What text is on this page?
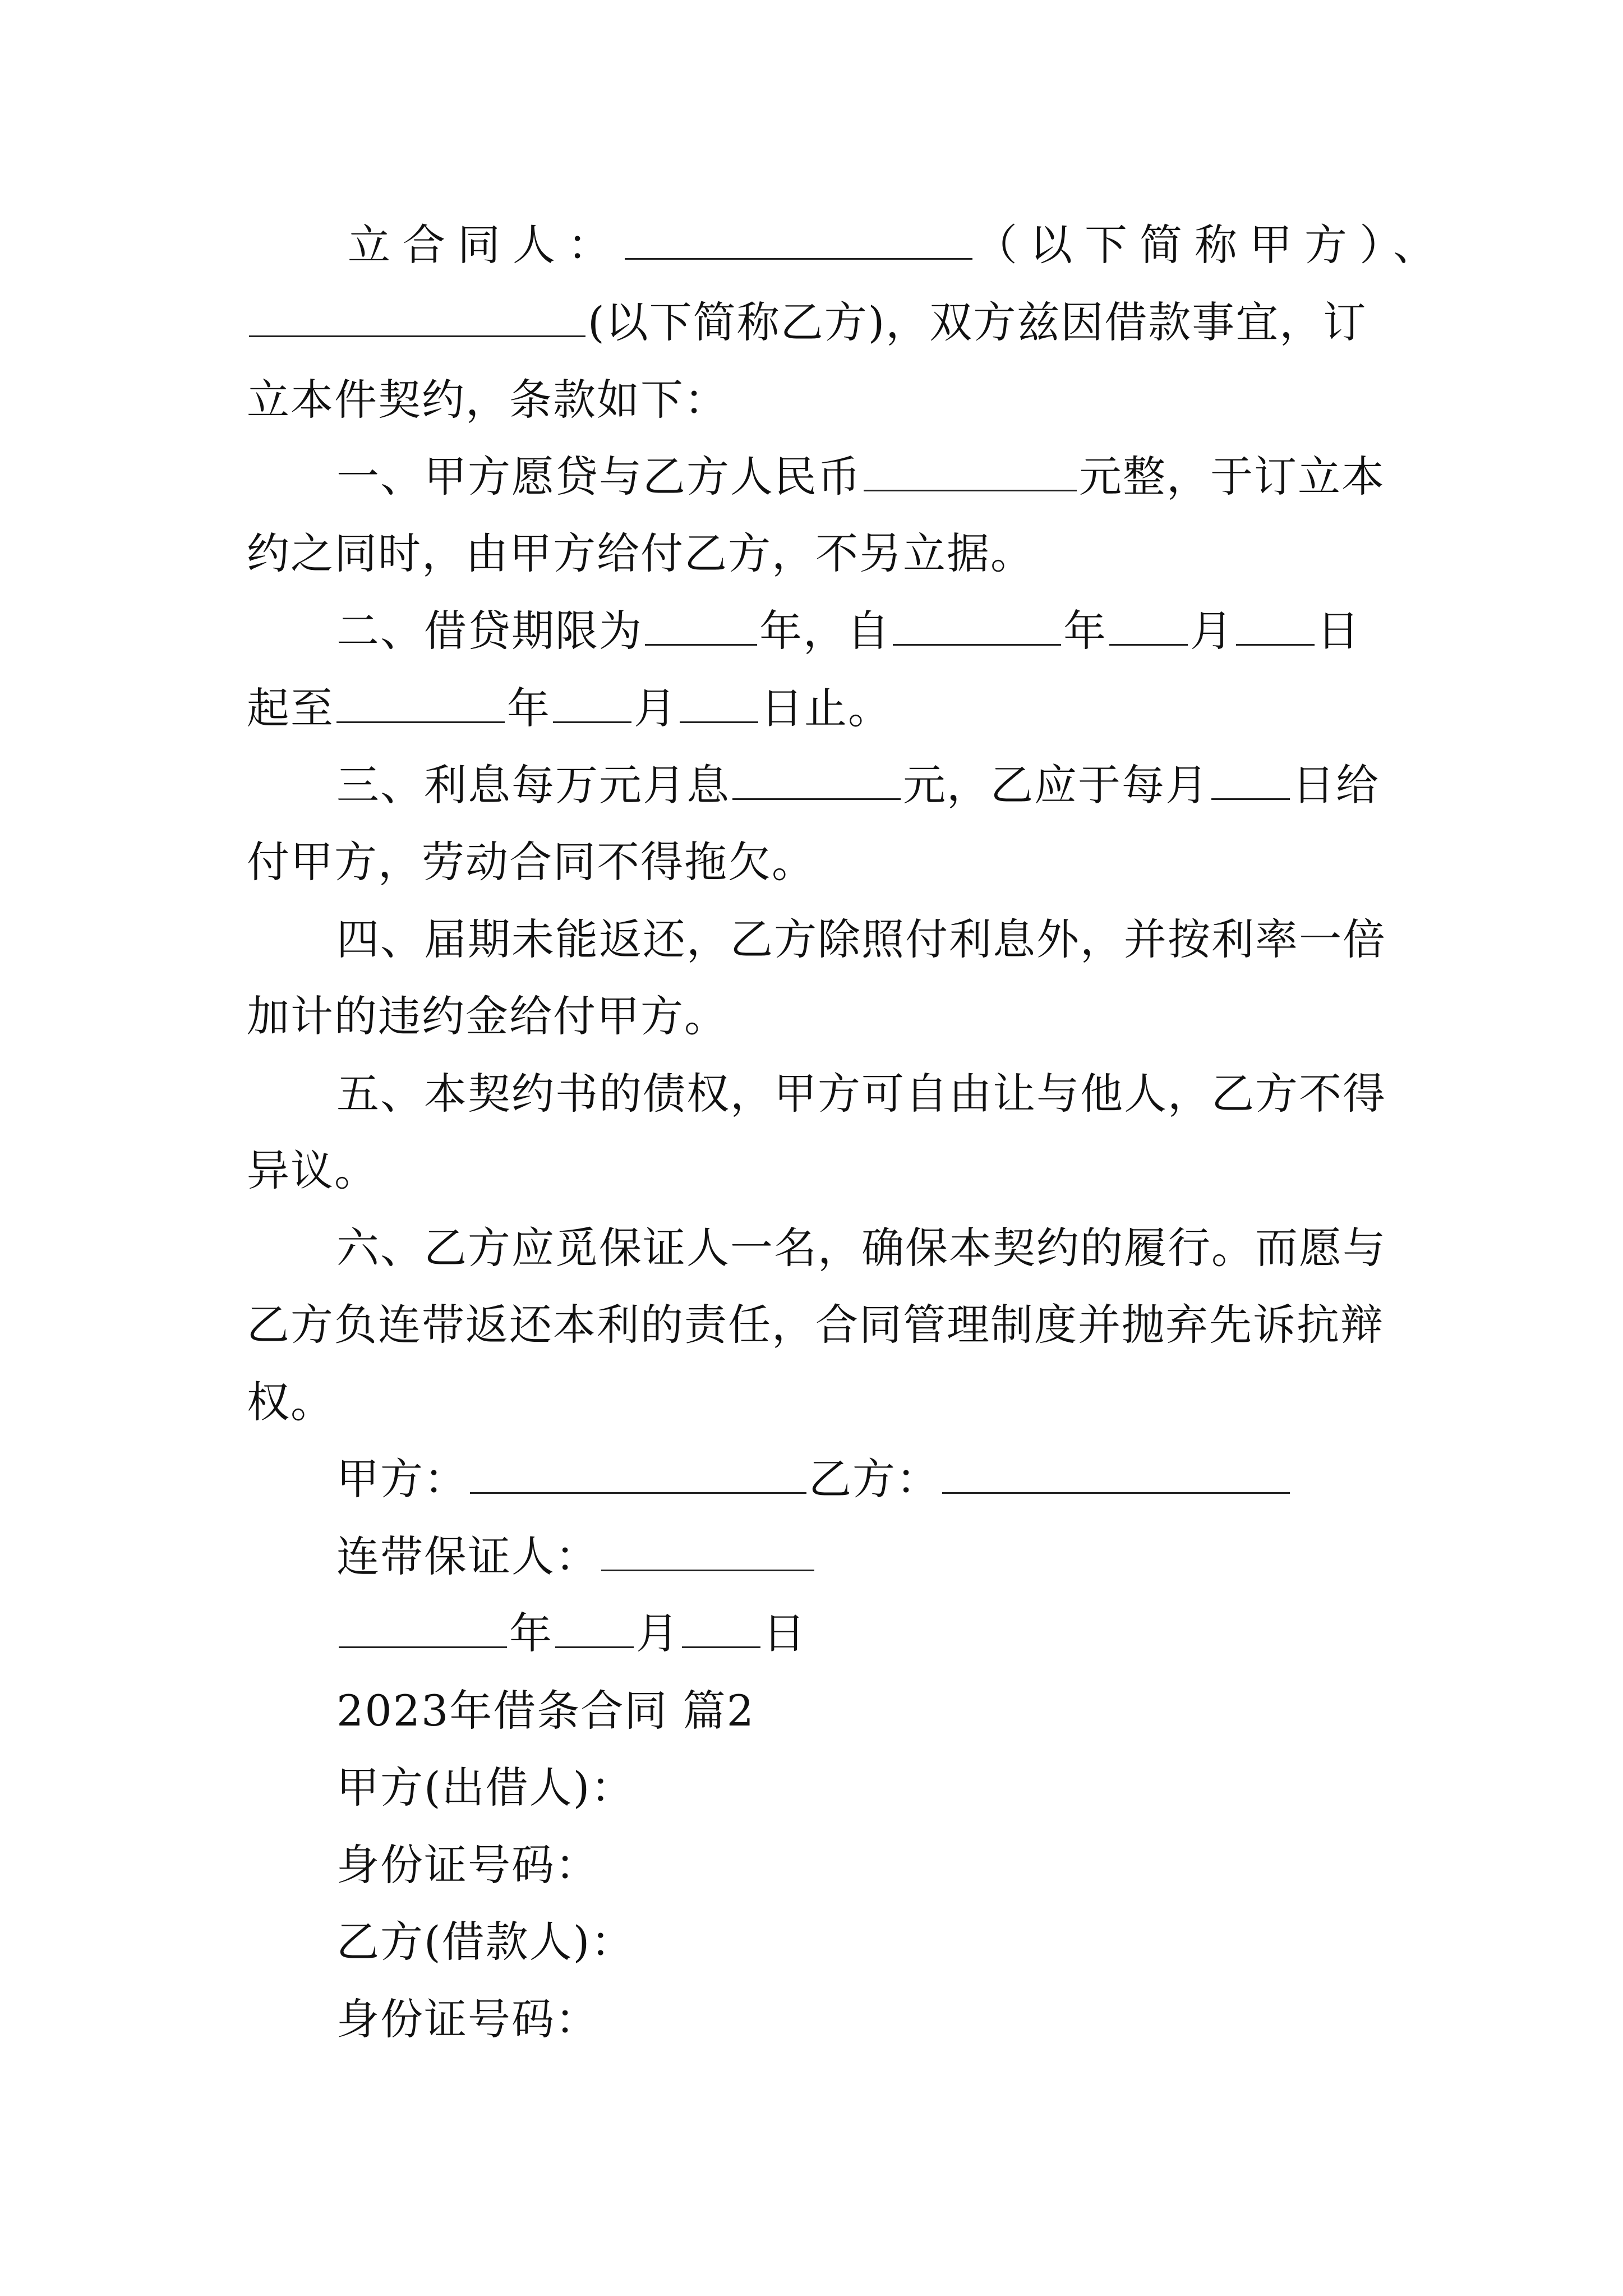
立合同人：	（以下简称甲方）、
(以下简称乙方)，双方兹因借款事宜，订
立本件契约，条款如下：
一、甲方愿贷与乙方人民币	元整，于订立本
约之同时，由甲方给付乙方，不另立据。
二、借贷期限为	年，自	年 月 日
起至	年 月 日止。
三、利息每万元月息	元，乙应于每月 日给
付甲方，劳动合同不得拖欠。
四、届期未能返还，乙方除照付利息外，并按利率一倍
加计的违约金给付甲方。
五、本契约书的债权，甲方可自由让与他人，乙方不得
异议。
六、乙方应觅保证人一名，确保本契约的履行。而愿与
乙方负连带返还本利的责任，合同管理制度并抛弃先诉抗辩
权。
甲方：	乙方：
连带保证人：
年 月 日
2023年借条合同 篇2
甲方(出借人)：
身份证号码：
乙方(借款人)：
身份证号码：
